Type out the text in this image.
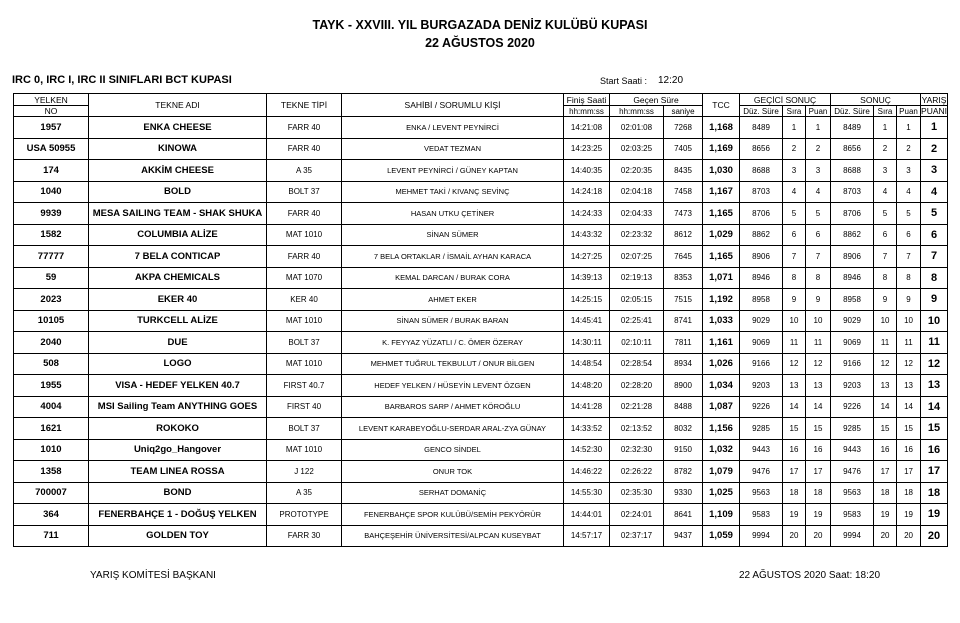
TAYK - XXVIII. YIL BURGAZADA DENİZ KULÜBÜ KUPASI
22 AĞUSTOS 2020
IRC 0, IRC I, IRC II SINIFLARI BCT KUPASI	Start Saati : 12:20
YELKEN	TEKNE ADI	TEKNE TİPİ	SAHİBİ / SORUMLU KİŞİ	Finiş Saati	Geçen Süre		TCC	GEÇİCİ SONUÇ			SONUÇ			YARIŞ
NO				hh:mm:ss	hh:mm:ss	saniye		Düz. Süre	Sıra	Puan	Düz. Süre	Sıra	Puan	PUANI
1957	ENKA CHEESE	FARR 40	ENKA / LEVENT PEYNİRCİ	14:21:08	02:01:08	7268	1,168	8489	1	1	8489	1	1	1
USA 50955	KINOWA	FARR 40	VEDAT TEZMAN	14:23:25	02:03:25	7405	1,169	8656	2	2	8656	2	2	2
174	AKKİM CHEESE	A 35	LEVENT PEYNİRCİ / GÜNEY KAPTAN	14:40:35	02:20:35	8435	1,030	8688	3	3	8688	3	3	3
1040	BOLD	BOLT 37	MEHMET TAKİ / KIVANÇ SEVİNÇ	14:24:18	02:04:18	7458	1,167	8703	4	4	8703	4	4	4
9939	MESA SAILING TEAM - SHAK SHUKA	FARR 40	HASAN UTKU ÇETİNER	14:24:33	02:04:33	7473	1,165	8706	5	5	8706	5	5	5
1582	COLUMBIA ALİZE	MAT 1010	SİNAN SÜMER	14:43:32	02:23:32	8612	1,029	8862	6	6	8862	6	6	6
77777	7 BELA CONTICAP	FARR 40	7 BELA ORTAKLAR / İSMAİL AYHAN KARACA	14:27:25	02:07:25	7645	1,165	8906	7	7	8906	7	7	7
59	AKPA CHEMICALS	MAT 1070	KEMAL DARCAN / BURAK CORA	14:39:13	02:19:13	8353	1,071	8946	8	8	8946	8	8	8
2023	EKER 40	KER 40	AHMET EKER	14:25:15	02:05:15	7515	1,192	8958	9	9	8958	9	9	9
10105	TURKCELL ALİZE	MAT 1010	SİNAN SÜMER / BURAK BARAN	14:45:41	02:25:41	8741	1,033	9029	10	10	9029	10	10	10
2040	DUE	BOLT 37	K. FEYYAZ YÜZATLI / C. ÖMER ÖZERAY	14:30:11	02:10:11	7811	1,161	9069	11	11	9069	11	11	11
508	LOGO	MAT 1010	MEHMET TUĞRUL TEKBULUT / ONUR BİLGEN	14:48:54	02:28:54	8934	1,026	9166	12	12	9166	12	12	12
1955	VISA - HEDEF YELKEN 40.7	FIRST 40.7	HEDEF YELKEN / HÜSEYİN LEVENT ÖZGEN	14:48:20	02:28:20	8900	1,034	9203	13	13	9203	13	13	13
4004	MSI Sailing Team ANYTHING GOES	FIRST 40	BARBAROS SARP / AHMET KÖROĞLU	14:41:28	02:21:28	8488	1,087	9226	14	14	9226	14	14	14
1621	ROKOKO	BOLT 37	LEVENT KARABEYOĞLU-SERDAR ARAL-ZYA GÜNAY	14:33:52	02:13:52	8032	1,156	9285	15	15	9285	15	15	15
1010	Uniq2go_Hangover	MAT 1010	GENCO SİNDEL	14:52:30	02:32:30	9150	1,032	9443	16	16	9443	16	16	16
1358	TEAM LINEA ROSSA	J 122	ONUR TOK	14:46:22	02:26:22	8782	1,079	9476	17	17	9476	17	17	17
700007	BOND	A 35	SERHAT DOMANİÇ	14:55:30	02:35:30	9330	1,025	9563	18	18	9563	18	18	18
364	FENERBAHÇE 1 - DOĞUŞ YELKEN	PROTOTYPE	FENERBAHÇE SPOR KULÜBÜ/SEMİH PEKYÖRÜR	14:44:01	02:24:01	8641	1,109	9583	19	19	9583	19	19	19
711	GOLDEN TOY	FARR 30	BAHÇEŞEHİR ÜNİVERSİTESİ/ALPCAN KUSEYBAT	14:57:17	02:37:17	9437	1,059	9994	20	20	9994	20	20	20
YARIŞ KOMİTESİ BAŞKANI	22 AĞUSTOS 2020 Saat: 18:20
